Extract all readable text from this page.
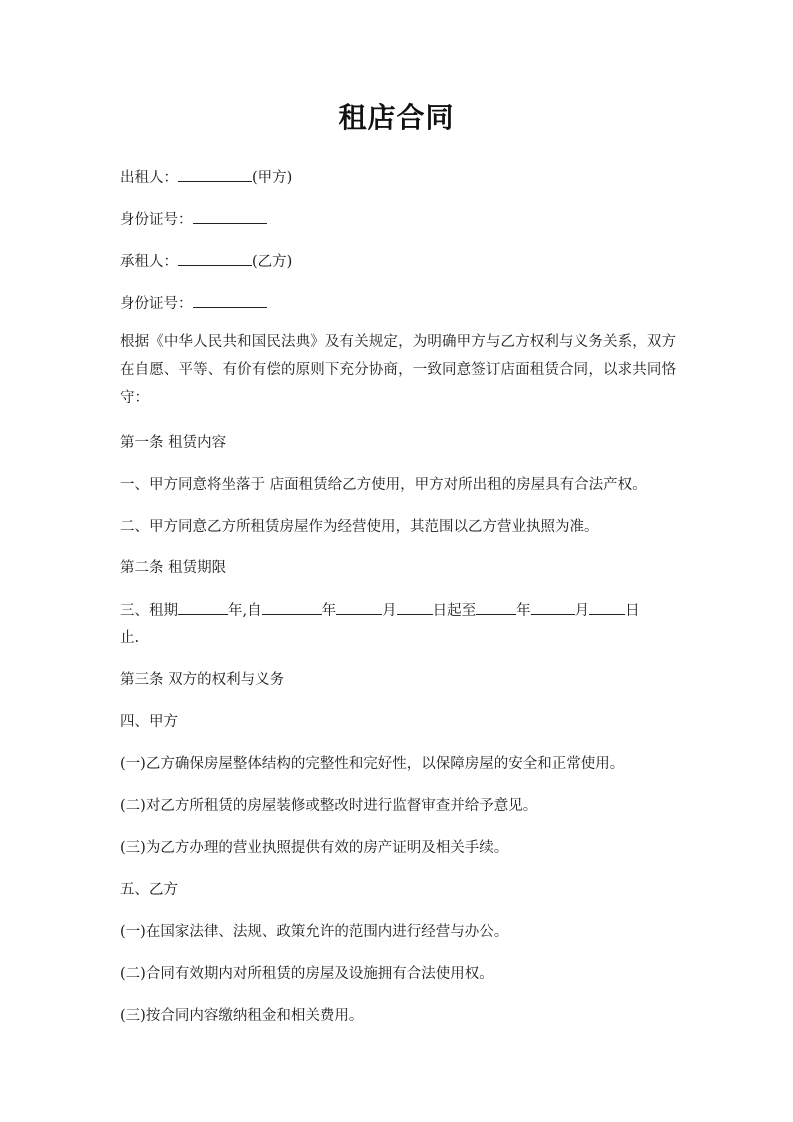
租店合同
出租人：	(甲方)
身份证号：
承租人：	(乙方)
身份证号：
根据《中华人民共和国民法典》及有关规定，为明确甲方与乙方权利与义务关系，双方在自愿、平等、有价有偿的原则下充分协商，一致同意签订店面租赁合同，以求共同恪守：
第一条 租赁内容
一、甲方同意将坐落于 店面租赁给乙方使用，甲方对所出租的房屋具有合法产权。
二、甲方同意乙方所租赁房屋作为经营使用，其范围以乙方营业执照为准。
第二条 租赁期限
三、租期	年,自	年	月 日起至	年	月 日
止.
第三条 双方的权利与义务
四、甲方
(一)乙方确保房屋整体结构的完整性和完好性，以保障房屋的安全和正常使用。
(二)对乙方所租赁的房屋装修或整改时进行监督审查并给予意见。
(三)为乙方办理的营业执照提供有效的房产证明及相关手续。
五、乙方
(一)在国家法律、法规、政策允许的范围内进行经营与办公。
(二)合同有效期内对所租赁的房屋及设施拥有合法使用权。
(三)按合同内容缴纳租金和相关费用。
